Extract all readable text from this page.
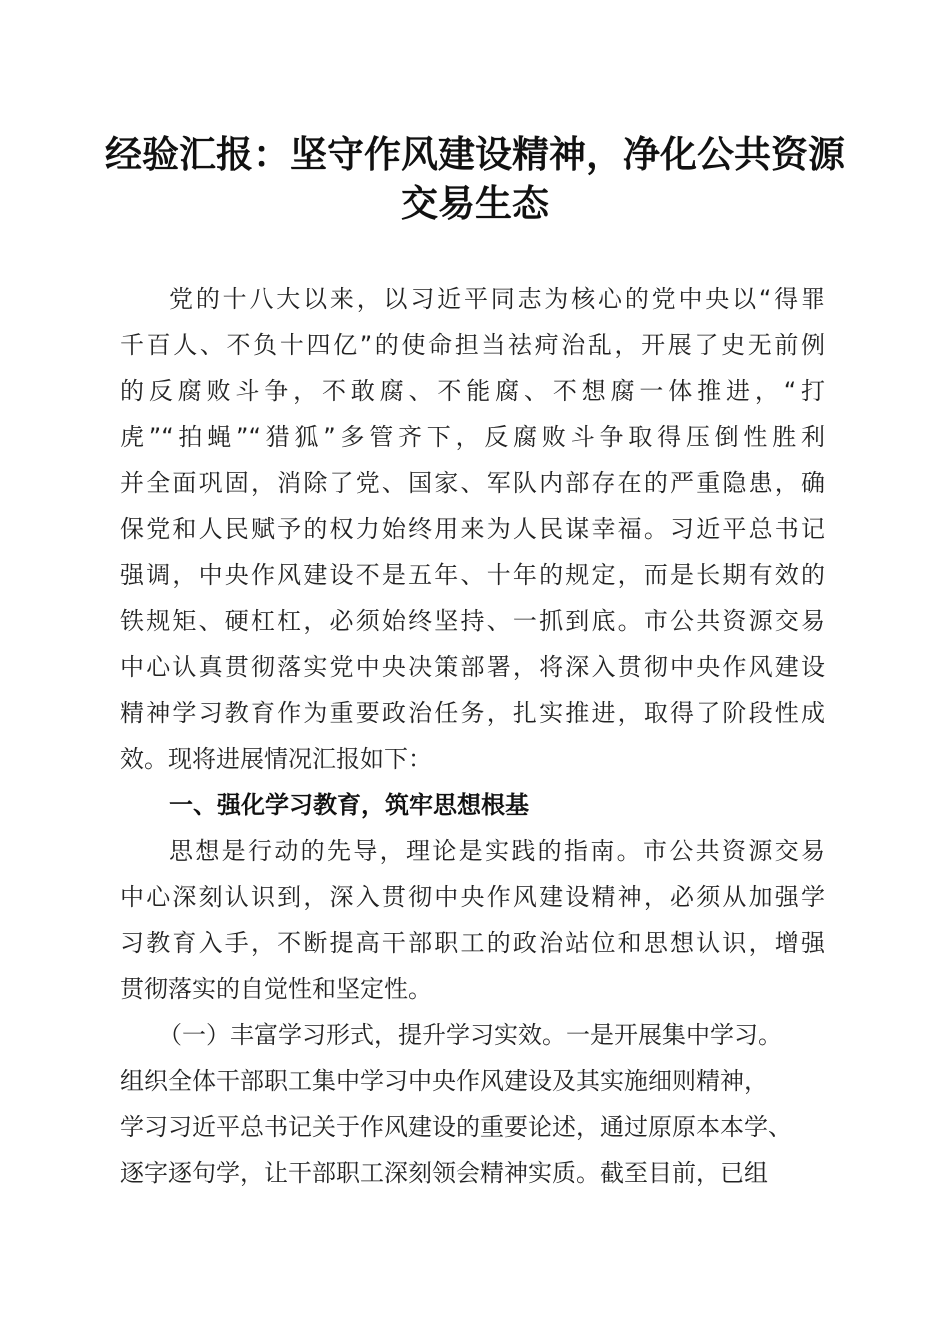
经验汇报：坚守作风建设精神，净化公共资源
交易生态
党的十八大以来，以习近平同志为核心的党中央以“得罪
千百人、不负十四亿”的使命担当祛疴治乱，开展了史无前例
的反腐败斗争，不敢腐、不能腐、不想腐一体推进，“打
虎”“拍蝇”“猎狐”多管齐下，反腐败斗争取得压倒性胜利
并全面巩固，消除了党、国家、军队内部存在的严重隐患，确
保党和人民赋予的权力始终用来为人民谋幸福。习近平总书记
强调，中央作风建设不是五年、十年的规定，而是长期有效的
铁规矩、硬杠杠，必须始终坚持、一抓到底。市公共资源交易
中心认真贯彻落实党中央决策部署，将深入贯彻中央作风建设
精神学习教育作为重要政治任务，扎实推进，取得了阶段性成
效。现将进展情况汇报如下：
一、强化学习教育，筑牢思想根基
思想是行动的先导，理论是实践的指南。市公共资源交易
中心深刻认识到，深入贯彻中央作风建设精神，必须从加强学
习教育入手，不断提高干部职工的政治站位和思想认识，增强
贯彻落实的自觉性和坚定性。
（一）丰富学习形式，提升学习实效。一是开展集中学习。
组织全体干部职工集中学习中央作风建设及其实施细则精神，
学习习近平总书记关于作风建设的重要论述，通过原原本本学、
逐字逐句学，让干部职工深刻领会精神实质。截至目前，已组
